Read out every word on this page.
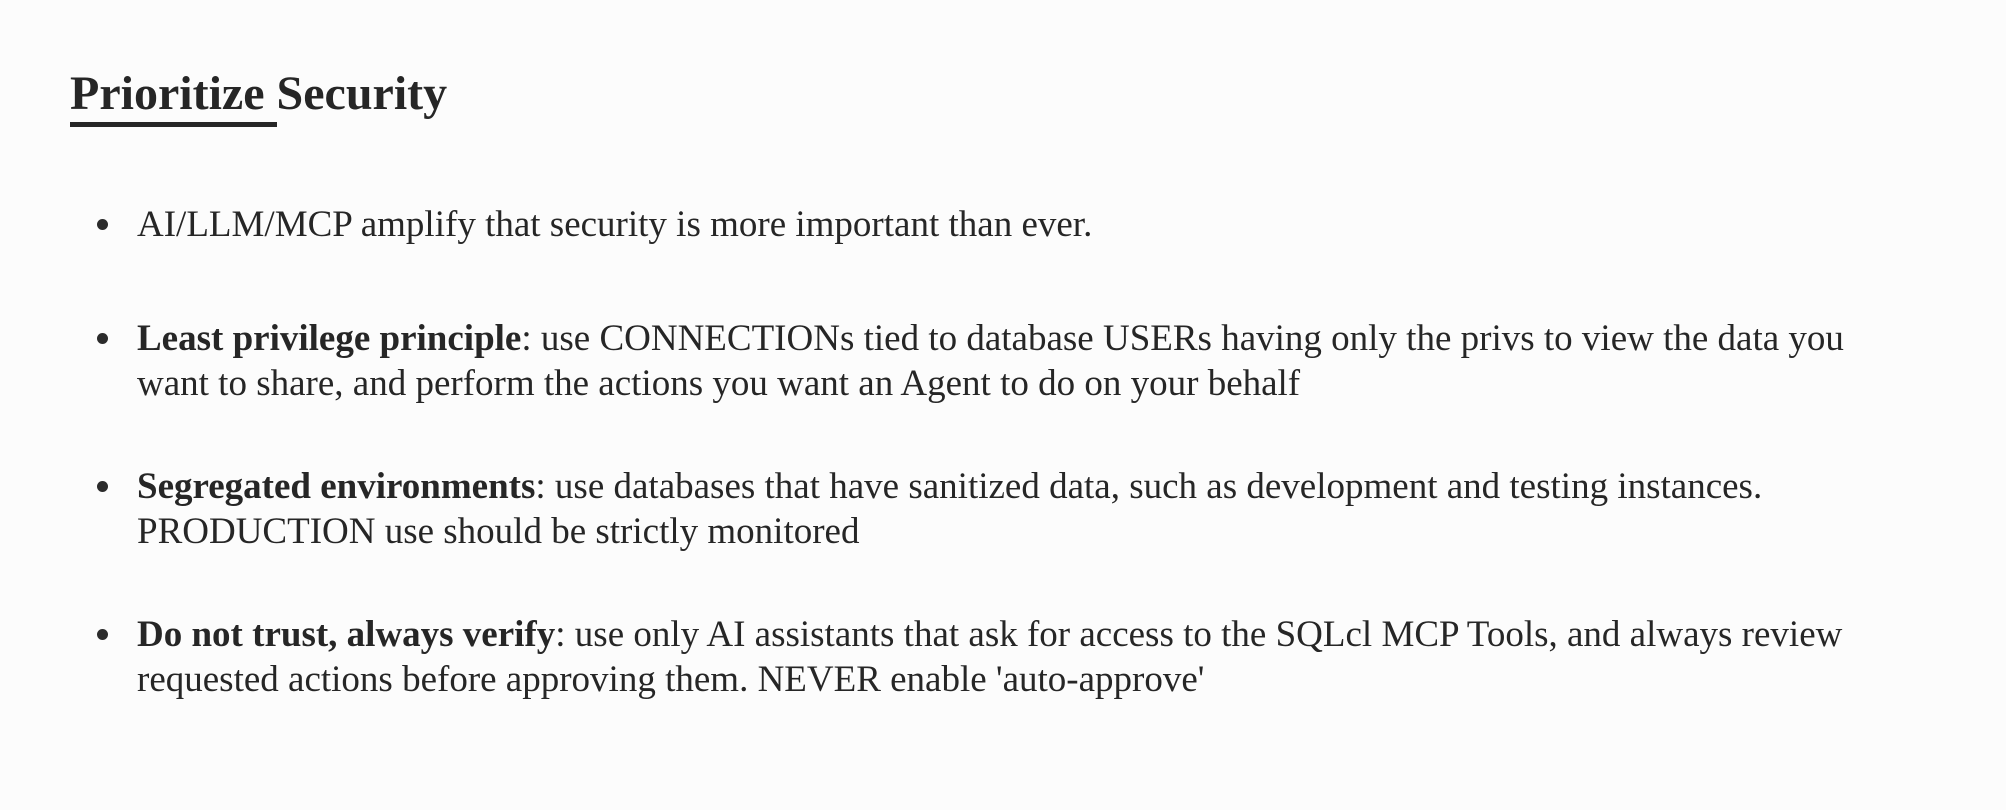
Prioritize Security
AI/LLM/MCP amplify that security is more important than ever.
Least privilege principle: use CONNECTIONs tied to database USERs having only the privs to view the data you want to share, and perform the actions you want an Agent to do on your behalf
Segregated environments: use databases that have sanitized data, such as development and testing instances. PRODUCTION use should be strictly monitored
Do not trust, always verify: use only AI assistants that ask for access to the SQLcl MCP Tools, and always review requested actions before approving them. NEVER enable 'auto-approve'
